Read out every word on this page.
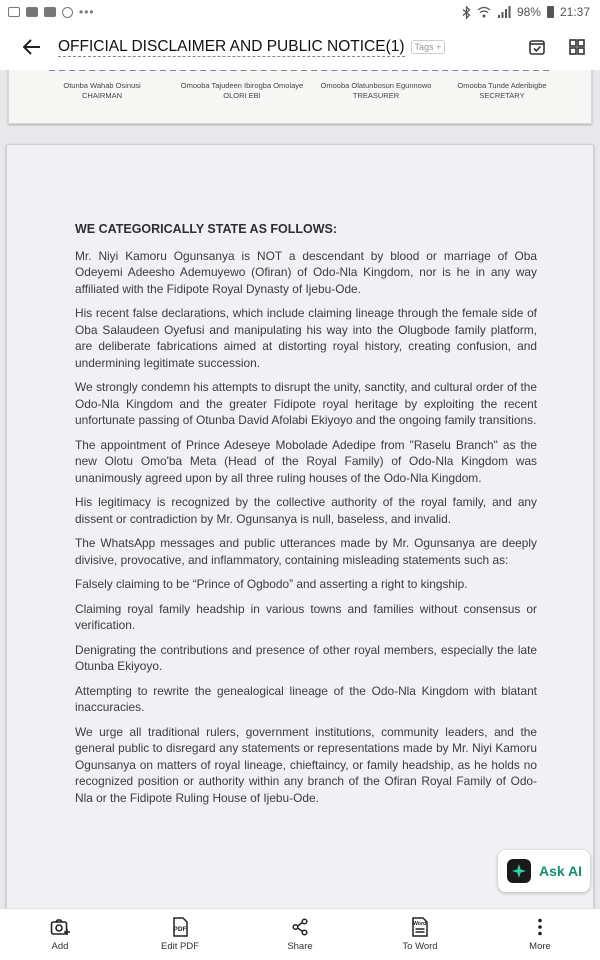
•••	98% 21:37
OFFICIAL DISCLAIMER AND PUBLIC NOTICE(1)	Tags +
Otunba Wahab Osinusi
CHAIRMAN
Omooba Tajudeen Ibirogba Omolaye
OLORI EBI
Omooba Olatunbosun Egunnowo
TREASURER
Omooba Tunde Aderibigbe
SECRETARY
WE CATEGORICALLY STATE AS FOLLOWS:

Mr. Niyi Kamoru Ogunsanya is NOT a descendant by blood or marriage of Oba Odeyemi Adeesho Ademuyewo (Ofiran) of Odo-Nla Kingdom, nor is he in any way affiliated with the Fidipote Royal Dynasty of Ijebu-Ode.

His recent false declarations, which include claiming lineage through the female side of Oba Salaudeen Oyefusi and manipulating his way into the Olugbode family platform, are deliberate fabrications aimed at distorting royal history, creating confusion, and undermining legitimate succession.

We strongly condemn his attempts to disrupt the unity, sanctity, and cultural order of the Odo-Nla Kingdom and the greater Fidipote royal heritage by exploiting the recent unfortunate passing of Otunba David Afolabi Ekiyoyo and the ongoing family transitions.

The appointment of Prince Adeseye Mobolade Adedipe from "Raselu Branch" as the new Olotu Omo'ba Meta (Head of the Royal Family) of Odo-Nla Kingdom was unanimously agreed upon by all three ruling houses of the Odo-Nla Kingdom.

His legitimacy is recognized by the collective authority of the royal family, and any dissent or contradiction by Mr. Ogunsanya is null, baseless, and invalid.

The WhatsApp messages and public utterances made by Mr. Ogunsanya are deeply divisive, provocative, and inflammatory, containing misleading statements such as:

Falsely claiming to be “Prince of Ogbodo” and asserting a right to kingship.

Claiming royal family headship in various towns and families without consensus or verification.

Denigrating the contributions and presence of other royal members, especially the late Otunba Ekiyoyo.

Attempting to rewrite the genealogical lineage of the Odo-Nla Kingdom with blatant inaccuracies.

We urge all traditional rulers, government institutions, community leaders, and the general public to disregard any statements or representations made by Mr. Niyi Kamoru Ogunsanya on matters of royal lineage, chieftaincy, or family headship, as he holds no recognized position or authority within any branch of the Ofiran Royal Family of Odo-Nla or the Fidipote Ruling House of Ijebu-Ode.

Ask AI
Add
PDF
Edit PDF	Share
Word
To Word	More
